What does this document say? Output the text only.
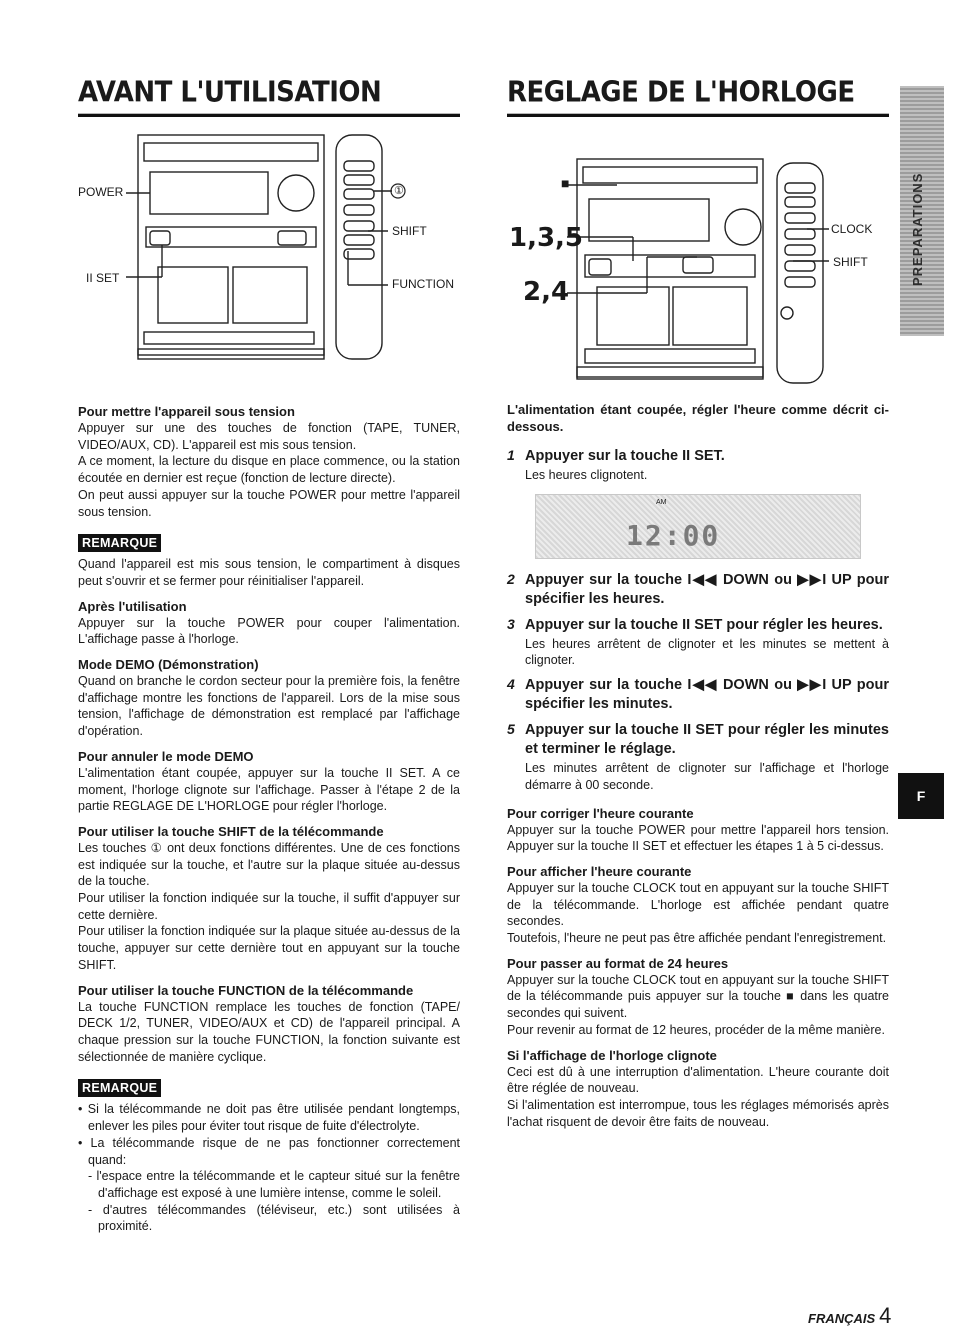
AVANT L'UTILISATION
POWER
II SET
SHIFT
FUNCTION
①
Pour mettre l'appareil sous tension

Appuyer sur une des touches de fonction (TAPE, TUNER, VIDEO/AUX, CD). L'appareil est mis sous tension.

A ce moment, la lecture du disque en place commence, ou la station écoutée en dernier est reçue (fonction de lecture directe).

On peut aussi appuyer sur la touche POWER pour mettre l'appareil sous tension.

REMARQUE

Quand l'appareil est mis sous tension, le compartiment à disques peut s'ouvrir et se fermer pour réinitialiser l'appareil.

Après l'utilisation

Appuyer sur la touche POWER pour couper l'alimentation. L'affichage passe à l'horloge.

Mode DEMO (Démonstration)

Quand on branche le cordon secteur pour la première fois, la fenêtre d'affichage montre les fonctions de l'appareil. Lors de la mise sous tension, l'affichage de démonstration est remplacé par l'affichage d'opération.

Pour annuler le mode DEMO

L'alimentation étant coupée, appuyer sur la touche II SET. A ce moment, l'horloge clignote sur l'affichage. Passer à l'étape 2 de la partie REGLAGE DE L'HORLOGE pour régler l'horloge.

Pour utiliser la touche SHIFT de la télécommande

Les touches ① ont deux fonctions différentes. Une de ces fonctions est indiquée sur la touche, et l'autre sur la plaque située au-dessus de la touche.

Pour utiliser la fonction indiquée sur la touche, il suffit d'appuyer sur cette dernière.

Pour utiliser la fonction indiquée sur la plaque située au-dessus de la touche, appuyer sur cette dernière tout en appuyant sur la touche SHIFT.

Pour utiliser la touche FUNCTION de la télécommande

La touche FUNCTION remplace les touches de fonction (TAPE/ DECK 1/2, TUNER, VIDEO/AUX et CD) de l'appareil principal. A chaque pression sur la touche FUNCTION, la fonction suivante est sélectionnée de manière cyclique.

REMARQUE
• Si la télécommande ne doit pas être utilisée pendant longtemps, enlever les piles pour éviter tout risque de fuite d'électrolyte.
• La télécommande risque de ne pas fonctionner correctement quand:
- l'espace entre la télécommande et le capteur situé sur la fenêtre d'affichage est exposé à une lumière intense, comme le soleil.
- d'autres télécommandes (téléviseur, etc.) sont utilisées à proximité.
REGLAGE DE L'HORLOGE
■
1,3,5
2,4
CLOCK
SHIFT

L'alimentation étant coupée, régler l'heure comme décrit ci-dessous.

1 Appuyer sur la touche II SET.

Les heures clignotent.

AM
12:00
2 Appuyer sur la touche I◀◀ DOWN ou ▶▶I UP pour spécifier les heures.
3 Appuyer sur la touche II SET pour régler les heures.

Les heures arrêtent de clignoter et les minutes se mettent à clignoter.

4 Appuyer sur la touche I◀◀ DOWN ou ▶▶I UP pour spécifier les minutes.
5 Appuyer sur la touche II SET pour régler les minutes et terminer le réglage.

Les minutes arrêtent de clignoter sur l'affichage et l'horloge démarre à 00 seconde.

Pour corriger l'heure courante

Appuyer sur la touche POWER pour mettre l'appareil hors tension. Appuyer sur la touche II SET et effectuer les étapes 1 à 5 ci-dessus.

Pour afficher l'heure courante

Appuyer sur la touche CLOCK tout en appuyant sur la touche SHIFT de la télécommande. L'horloge est affichée pendant quatre secondes.

Toutefois, l'heure ne peut pas être affichée pendant l'enregistrement.

Pour passer au format de 24 heures

Appuyer sur la touche CLOCK tout en appuyant sur la touche SHIFT de la télécommande puis appuyer sur la touche ■ dans les quatre secondes qui suivent.

Pour revenir au format de 12 heures, procéder de la même manière.

Si l'affichage de l'horloge clignote

Ceci est dû à une interruption d'alimentation. L'heure courante doit être réglée de nouveau.

Si l'alimentation est interrompue, tous les réglages mémorisés après l'achat risquent de devoir être faits de nouveau.

PREPARATIONS
F
FRANÇAIS 4
